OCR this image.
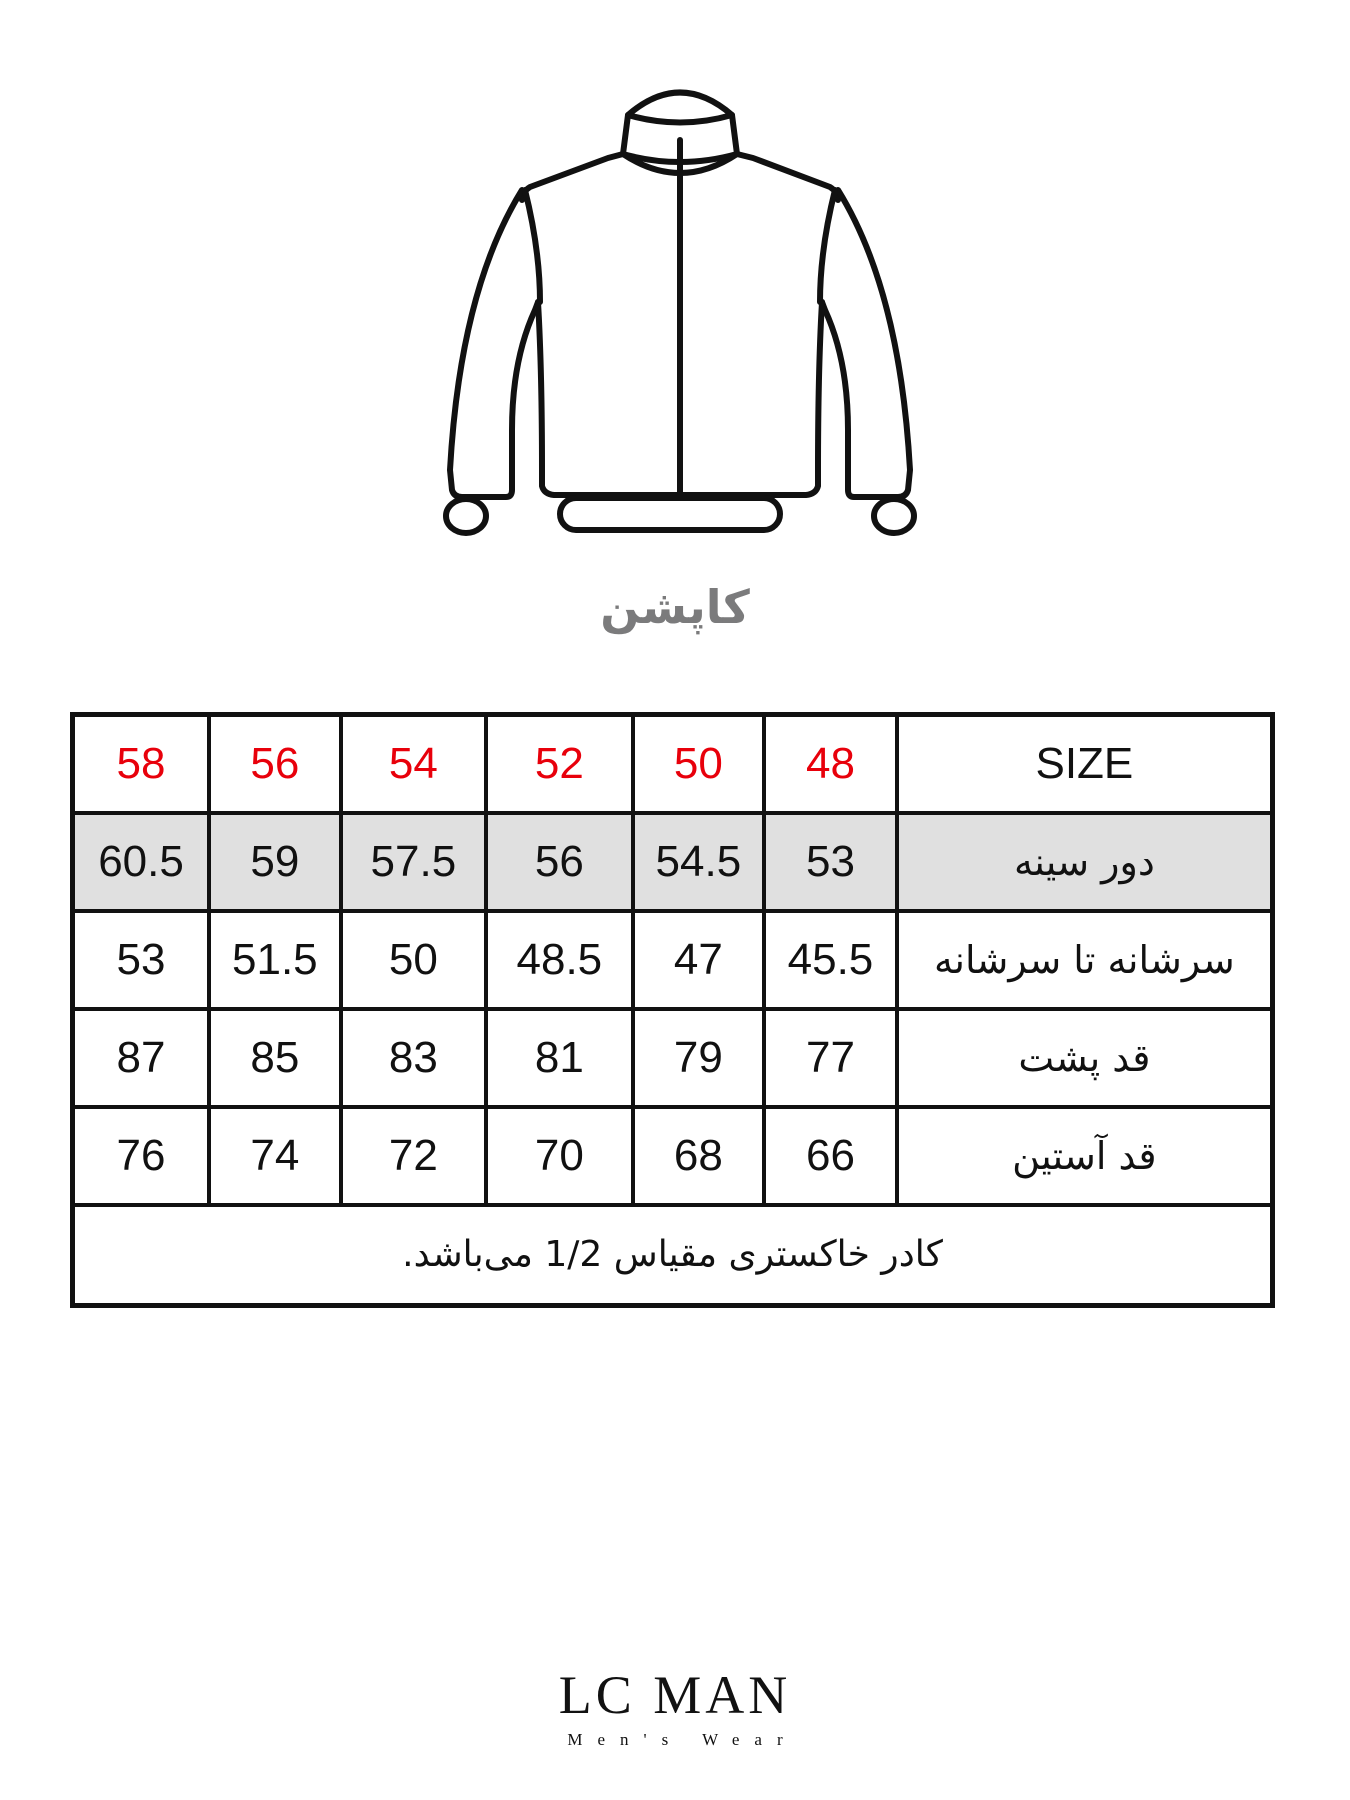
کاپشن
58	56	54	52	50	48	SIZE
60.5	59	57.5	56	54.5	53	دور سینه
53	51.5	50	48.5	47	45.5	سرشانه تا سرشانه
87	85	83	81	79	77	قد پشت
76	74	72	70	68	66	قد آستین
کادر خاکستری مقیاس 1/2 می‌باشد.						
LC MAN
Men's Wear
